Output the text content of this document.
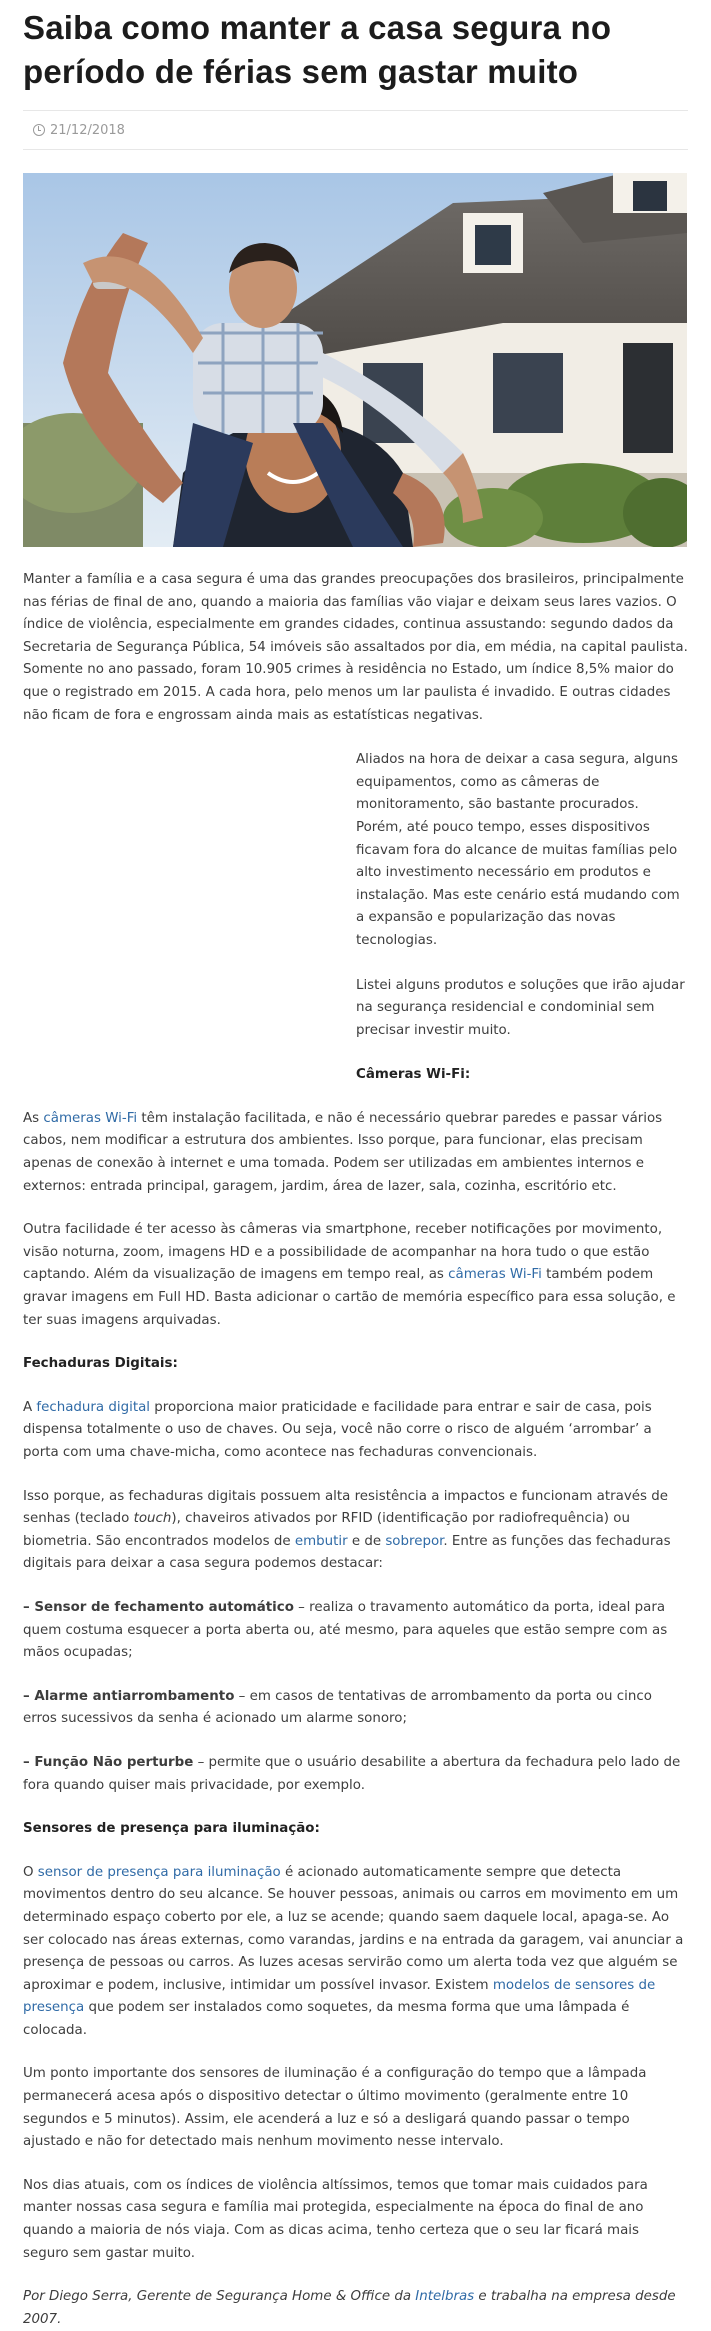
Saiba como manter a casa segura no período de férias sem gastar muito
21/12/2018

Manter a família e a casa segura é uma das grandes preocupações dos brasileiros, principalmente nas férias de final de ano, quando a maioria das famílias vão viajar e deixam seus lares vazios. O índice de violência, especialmente em grandes cidades, continua assustando: segundo dados da Secretaria de Segurança Pública, 54 imóveis são assaltados por dia, em média, na capital paulista. Somente no ano passado, foram 10.905 crimes à residência no Estado, um índice 8,5% maior do que o registrado em 2015. A cada hora, pelo menos um lar paulista é invadido. E outras cidades não ficam de fora e engrossam ainda mais as estatísticas negativas.

Aliados na hora de deixar a casa segura, alguns equipamentos, como as câmeras de monitoramento, são bastante procurados. Porém, até pouco tempo, esses dispositivos ficavam fora do alcance de muitas famílias pelo alto investimento necessário em produtos e instalação. Mas este cenário está mudando com a expansão e popularização das novas tecnologias.

Listei alguns produtos e soluções que irão ajudar na segurança residencial e condominial sem precisar investir muito.

Câmeras Wi-Fi:

As câmeras Wi-Fi têm instalação facilitada, e não é necessário quebrar paredes e passar vários cabos, nem modificar a estrutura dos ambientes. Isso porque, para funcionar, elas precisam apenas de conexão à internet e uma tomada. Podem ser utilizadas em ambientes internos e externos: entrada principal, garagem, jardim, área de lazer, sala, cozinha, escritório etc.

Outra facilidade é ter acesso às câmeras via smartphone, receber notificações por movimento, visão noturna, zoom, imagens HD e a possibilidade de acompanhar na hora tudo o que estão captando. Além da visualização de imagens em tempo real, as câmeras Wi-Fi também podem gravar imagens em Full HD. Basta adicionar o cartão de memória específico para essa solução, e ter suas imagens arquivadas.

Fechaduras Digitais:

A fechadura digital proporciona maior praticidade e facilidade para entrar e sair de casa, pois dispensa totalmente o uso de chaves. Ou seja, você não corre o risco de alguém ‘arrombar’ a porta com uma chave-micha, como acontece nas fechaduras convencionais.

Isso porque, as fechaduras digitais possuem alta resistência a impactos e funcionam através de senhas (teclado touch), chaveiros ativados por RFID (identificação por radiofrequência) ou biometria. São encontrados modelos de embutir e de sobrepor. Entre as funções das fechaduras digitais para deixar a casa segura podemos destacar:

– Sensor de fechamento automático – realiza o travamento automático da porta, ideal para quem costuma esquecer a porta aberta ou, até mesmo, para aqueles que estão sempre com as mãos ocupadas;

– Alarme antiarrombamento – em casos de tentativas de arrombamento da porta ou cinco erros sucessivos da senha é acionado um alarme sonoro;

– Função Não perturbe – permite que o usuário desabilite a abertura da fechadura pelo lado de fora quando quiser mais privacidade, por exemplo.

Sensores de presença para iluminação:

O sensor de presença para iluminação é acionado automaticamente sempre que detecta movimentos dentro do seu alcance. Se houver pessoas, animais ou carros em movimento em um determinado espaço coberto por ele, a luz se acende; quando saem daquele local, apaga-se. Ao ser colocado nas áreas externas, como varandas, jardins e na entrada da garagem, vai anunciar a presença de pessoas ou carros. As luzes acesas servirão como um alerta toda vez que alguém se aproximar e podem, inclusive, intimidar um possível invasor. Existem modelos de sensores de presença que podem ser instalados como soquetes, da mesma forma que uma lâmpada é colocada.

Um ponto importante dos sensores de iluminação é a configuração do tempo que a lâmpada permanecerá acesa após o dispositivo detectar o último movimento (geralmente entre 10 segundos e 5 minutos). Assim, ele acenderá a luz e só a desligará quando passar o tempo ajustado e não for detectado mais nenhum movimento nesse intervalo.

Nos dias atuais, com os índices de violência altíssimos, temos que tomar mais cuidados para manter nossas casa segura e família mai protegida, especialmente na época do final de ano quando a maioria de nós viaja. Com as dicas acima, tenho certeza que o seu lar ficará mais seguro sem gastar muito.

Por Diego Serra, Gerente de Segurança Home & Office da Intelbras e trabalha na empresa desde 2007.
